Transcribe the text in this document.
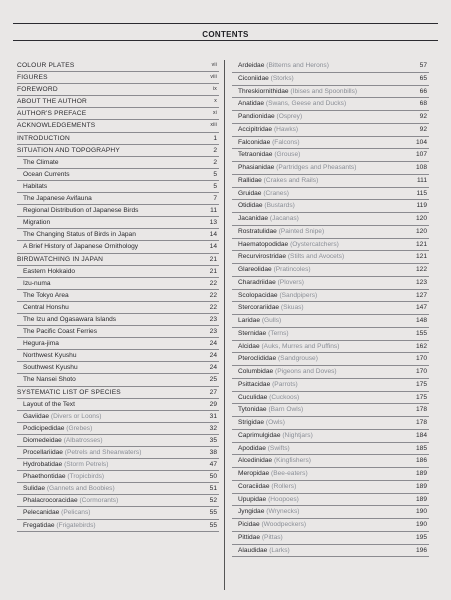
CONTENTS
COLOUR PLATES	vii
FIGURES	viii
FOREWORD	ix
ABOUT THE AUTHOR	x
AUTHOR'S PREFACE	xi
ACKNOWLEDGEMENTS	xiii
INTRODUCTION	1
SITUATION AND TOPOGRAPHY	2
The Climate	2
Ocean Currents	5
Habitats	5
The Japanese Avifauna	7
Regional Distribution of Japanese Birds	11
Migration	13
The Changing Status of Birds in Japan	14
A Brief History of Japanese Ornithology	14
BIRDWATCHING IN JAPAN	21
Eastern Hokkaido	21
Izu-numa	22
The Tokyo Area	22
Central Honshu	22
The Izu and Ogasawara Islands	23
The Pacific Coast Ferries	23
Hegura-jima	24
Northwest Kyushu	24
Southwest Kyushu	24
The Nansei Shoto	25
SYSTEMATIC LIST OF SPECIES	27
Layout of the Text	29
Gaviidae (Divers or Loons)	31
Podicipedidae (Grebes)	32
Diomedeidae (Albatrosses)	35
Procellariidae (Petrels and Shearwaters)	38
Hydrobatidae (Storm Petrels)	47
Phaethontidae (Tropicbirds)	50
Sulidae (Gannets and Boobies)	51
Phalacrocoracidae (Cormorants)	52
Pelecanidae (Pelicans)	55
Fregatidae (Frigatebirds)	55
Ardeidae (Bitterns and Herons)	57
Ciconiidae (Storks)	65
Threskiornithidae (Ibises and Spoonbills)	66
Anatidae (Swans, Geese and Ducks)	68
Pandionidae (Osprey)	92
Accipitridae (Hawks)	92
Falconidae (Falcons)	104
Tetraonidae (Grouse)	107
Phasianidae (Partridges and Pheasants)	108
Rallidae (Crakes and Rails)	111
Gruidae (Cranes)	115
Otididae (Bustards)	119
Jacanidae (Jacanas)	120
Rostratulidae (Painted Snipe)	120
Haematopodidae (Oystercatchers)	121
Recurvirostridae (Stilts and Avocets)	121
Glareolidae (Pratincoles)	122
Charadriidae (Plovers)	123
Scolopacidae (Sandpipers)	127
Stercorariidae (Skuas)	147
Laridae (Gulls)	148
Sternidae (Terns)	155
Alcidae (Auks, Murres and Puffins)	162
Pteroclididae (Sandgrouse)	170
Columbidae (Pigeons and Doves)	170
Psittacidae (Parrots)	175
Cuculidae (Cuckoos)	175
Tytonidae (Barn Owls)	178
Strigidae (Owls)	178
Caprimulgidae (Nightjars)	184
Apodidae (Swifts)	185
Alcedinidae (Kingfishers)	186
Meropidae (Bee-eaters)	189
Coraciidae (Rollers)	189
Upupidae (Hoopoes)	189
Jyngidae (Wrynecks)	190
Picidae (Woodpeckers)	190
Pittidae (Pittas)	195
Alaudidae (Larks)	196
